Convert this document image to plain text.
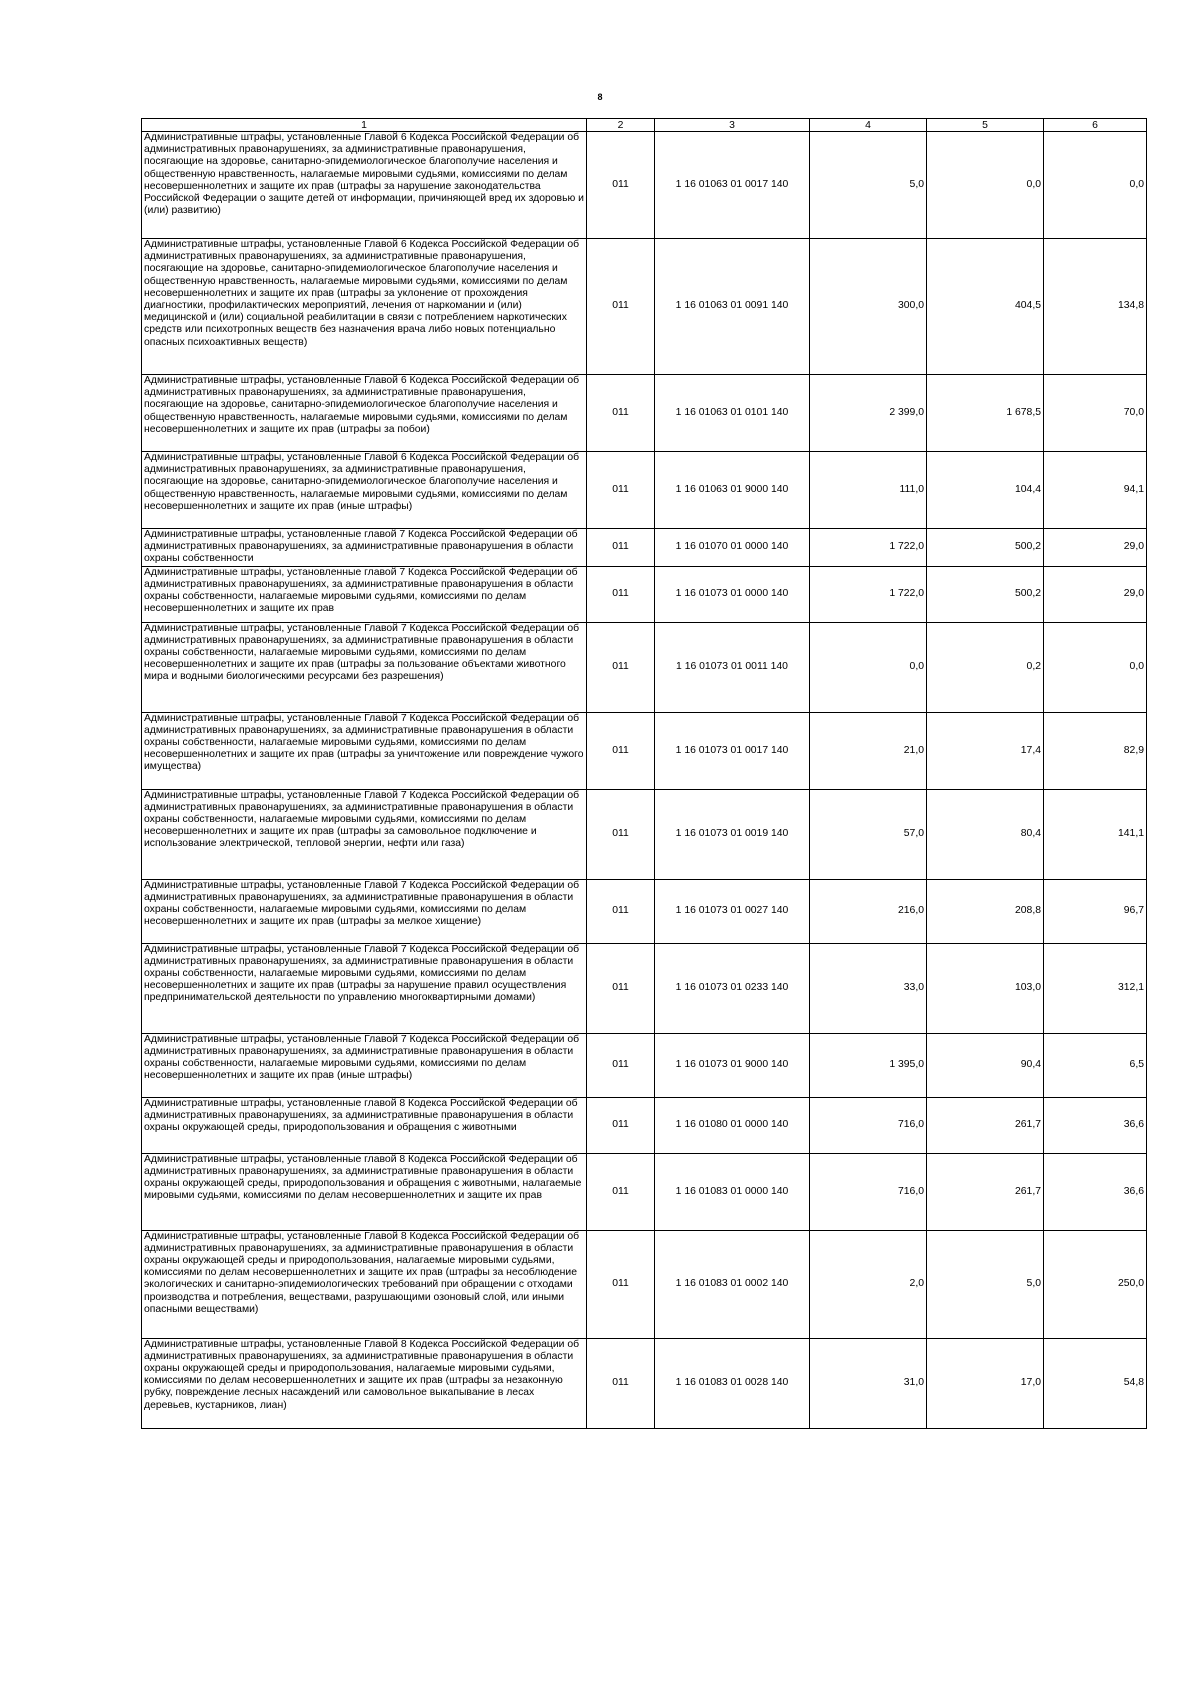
8
1	2	3	4	5	6
Административные штрафы, установленные Главой 6 Кодекса Российской Федерации об административных правонарушениях, за административные правонарушения, посягающие на здоровье, санитарно-эпидемиологическое благополучие населения и общественную нравственность, налагаемые мировыми судьями, комиссиями по делам несовершеннолетних и защите их прав (штрафы за нарушение законодательства Российской Федерации о защите детей от информации, причиняющей вред их здоровью и (или) развитию)	011	1 16 01063 01 0017 140	5,0	0,0	0,0
Административные штрафы, установленные Главой 6 Кодекса Российской Федерации об административных правонарушениях, за административные правонарушения, посягающие на здоровье, санитарно-эпидемиологическое благополучие населения и общественную нравственность, налагаемые мировыми судьями, комиссиями по делам несовершеннолетних и защите их прав (штрафы за уклонение от прохождения диагностики, профилактических мероприятий, лечения от наркомании и (или) медицинской и (или) социальной реабилитации в связи с потреблением наркотических средств или психотропных веществ без назначения врача либо новых потенциально опасных психоактивных веществ)	011	1 16 01063 01 0091 140	300,0	404,5	134,8
Административные штрафы, установленные Главой 6 Кодекса Российской Федерации об административных правонарушениях, за административные правонарушения, посягающие на здоровье, санитарно-эпидемиологическое благополучие населения и общественную нравственность, налагаемые мировыми судьями, комиссиями по делам несовершеннолетних и защите их прав (штрафы за побои)	011	1 16 01063 01 0101 140	2 399,0	1 678,5	70,0
Административные штрафы, установленные Главой 6 Кодекса Российской Федерации об административных правонарушениях, за административные правонарушения, посягающие на здоровье, санитарно-эпидемиологическое благополучие населения и общественную нравственность, налагаемые мировыми судьями, комиссиями по делам несовершеннолетних и защите их прав (иные штрафы)	011	1 16 01063 01 9000 140	111,0	104,4	94,1
Административные штрафы, установленные главой 7 Кодекса Российской Федерации об административных правонарушениях, за административные правонарушения в области охраны собственности	011	1 16 01070 01 0000 140	1 722,0	500,2	29,0
Административные штрафы, установленные главой 7 Кодекса Российской Федерации об административных правонарушениях, за административные правонарушения в области охраны собственности, налагаемые мировыми судьями, комиссиями по делам несовершеннолетних и защите их прав	011	1 16 01073 01 0000 140	1 722,0	500,2	29,0
Административные штрафы, установленные Главой 7 Кодекса Российской Федерации об административных правонарушениях, за административные правонарушения в области охраны собственности, налагаемые мировыми судьями, комиссиями по делам несовершеннолетних и защите их прав (штрафы за пользование объектами животного мира и водными биологическими ресурсами без разрешения)	011	1 16 01073 01 0011 140	0,0	0,2	0,0
Административные штрафы, установленные Главой 7 Кодекса Российской Федерации об административных правонарушениях, за административные правонарушения в области охраны собственности, налагаемые мировыми судьями, комиссиями по делам несовершеннолетних и защите их прав (штрафы за уничтожение или повреждение чужого имущества)	011	1 16 01073 01 0017 140	21,0	17,4	82,9
Административные штрафы, установленные Главой 7 Кодекса Российской Федерации об административных правонарушениях, за административные правонарушения в области охраны собственности, налагаемые мировыми судьями, комиссиями по делам несовершеннолетних и защите их прав (штрафы за самовольное подключение и использование электрической, тепловой энергии, нефти или газа)	011	1 16 01073 01 0019 140	57,0	80,4	141,1
Административные штрафы, установленные Главой 7 Кодекса Российской Федерации об административных правонарушениях, за административные правонарушения в области охраны собственности, налагаемые мировыми судьями, комиссиями по делам несовершеннолетних и защите их прав (штрафы за мелкое хищение)	011	1 16 01073 01 0027 140	216,0	208,8	96,7
Административные штрафы, установленные Главой 7 Кодекса Российской Федерации об административных правонарушениях, за административные правонарушения в области охраны собственности, налагаемые мировыми судьями, комиссиями по делам несовершеннолетних и защите их прав (штрафы за нарушение правил осуществления предпринимательской деятельности по управлению многоквартирными домами)	011	1 16 01073 01 0233 140	33,0	103,0	312,1
Административные штрафы, установленные Главой 7 Кодекса Российской Федерации об административных правонарушениях, за административные правонарушения в области охраны собственности, налагаемые мировыми судьями, комиссиями по делам несовершеннолетних и защите их прав (иные штрафы)	011	1 16 01073 01 9000 140	1 395,0	90,4	6,5
Административные штрафы, установленные главой 8 Кодекса Российской Федерации об административных правонарушениях, за административные правонарушения в области охраны окружающей среды, природопользования и обращения с животными	011	1 16 01080 01 0000 140	716,0	261,7	36,6
Административные штрафы, установленные главой 8 Кодекса Российской Федерации об административных правонарушениях, за административные правонарушения в области охраны окружающей среды, природопользования и обращения с животными, налагаемые мировыми судьями, комиссиями по делам несовершеннолетних и защите их прав	011	1 16 01083 01 0000 140	716,0	261,7	36,6
Административные штрафы, установленные Главой 8 Кодекса Российской Федерации об административных правонарушениях, за административные правонарушения в области охраны окружающей среды и природопользования, налагаемые мировыми судьями, комиссиями по делам несовершеннолетних и защите их прав (штрафы за несоблюдение экологических и санитарно-эпидемиологических требований при обращении с отходами производства и потребления, веществами, разрушающими озоновый слой, или иными опасными веществами)	011	1 16 01083 01 0002 140	2,0	5,0	250,0
Административные штрафы, установленные Главой 8 Кодекса Российской Федерации об административных правонарушениях, за административные правонарушения в области охраны окружающей среды и природопользования, налагаемые мировыми судьями, комиссиями по делам несовершеннолетних и защите их прав (штрафы за незаконную рубку, повреждение лесных насаждений или самовольное выкапывание в лесах деревьев, кустарников, лиан)	011	1 16 01083 01 0028 140	31,0	17,0	54,8
